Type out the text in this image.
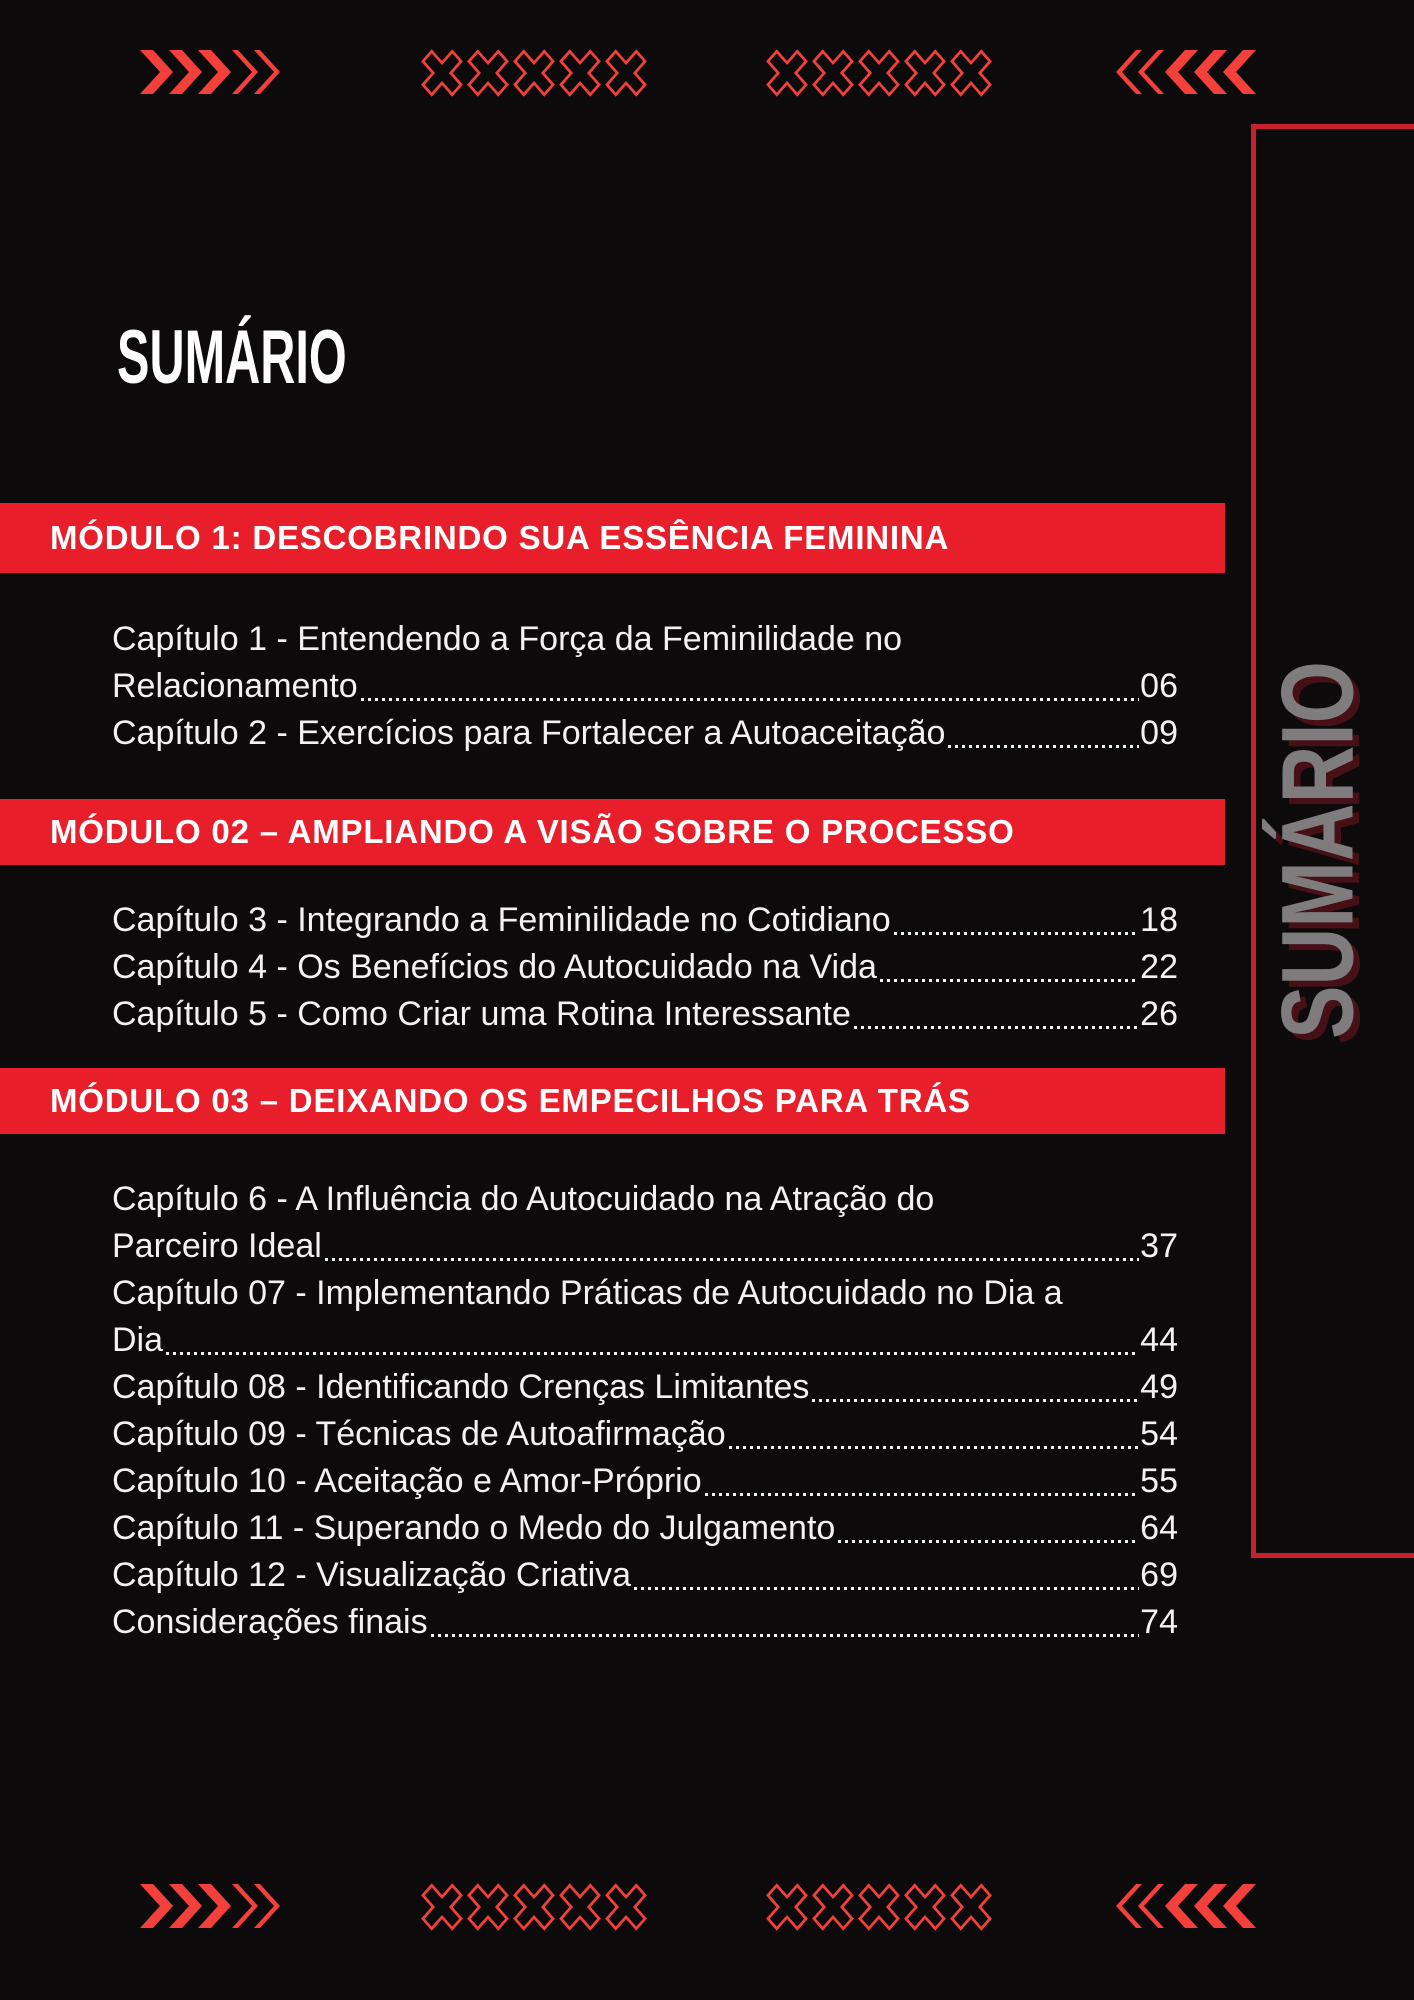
SUMÁRIO
MÓDULO 1: DESCOBRINDO SUA ESSÊNCIA FEMININA
Capítulo 1 - Entendendo a Força da Feminilidade no
Relacionamento	06
Capítulo 2 - Exercícios para Fortalecer a Autoaceitação	09
MÓDULO 02 – AMPLIANDO A VISÃO SOBRE O PROCESSO
Capítulo 3 - Integrando a Feminilidade no Cotidiano	18
Capítulo 4 - Os Benefícios do Autocuidado na Vida	22
Capítulo 5 - Como Criar uma Rotina Interessante	26
MÓDULO 03 – DEIXANDO OS EMPECILHOS PARA TRÁS
Capítulo 6 - A Influência do Autocuidado na Atração do
Parceiro Ideal	37
Capítulo 07 - Implementando Práticas de Autocuidado no Dia a
Dia	44
Capítulo 08 - Identificando Crenças Limitantes	49
Capítulo 09 - Técnicas de Autoafirmação	54
Capítulo 10 - Aceitação e Amor-Próprio	55
Capítulo 11 - Superando o Medo do Julgamento	64
Capítulo 12 - Visualização Criativa	69
Considerações finais	74
SUMÁRIO
